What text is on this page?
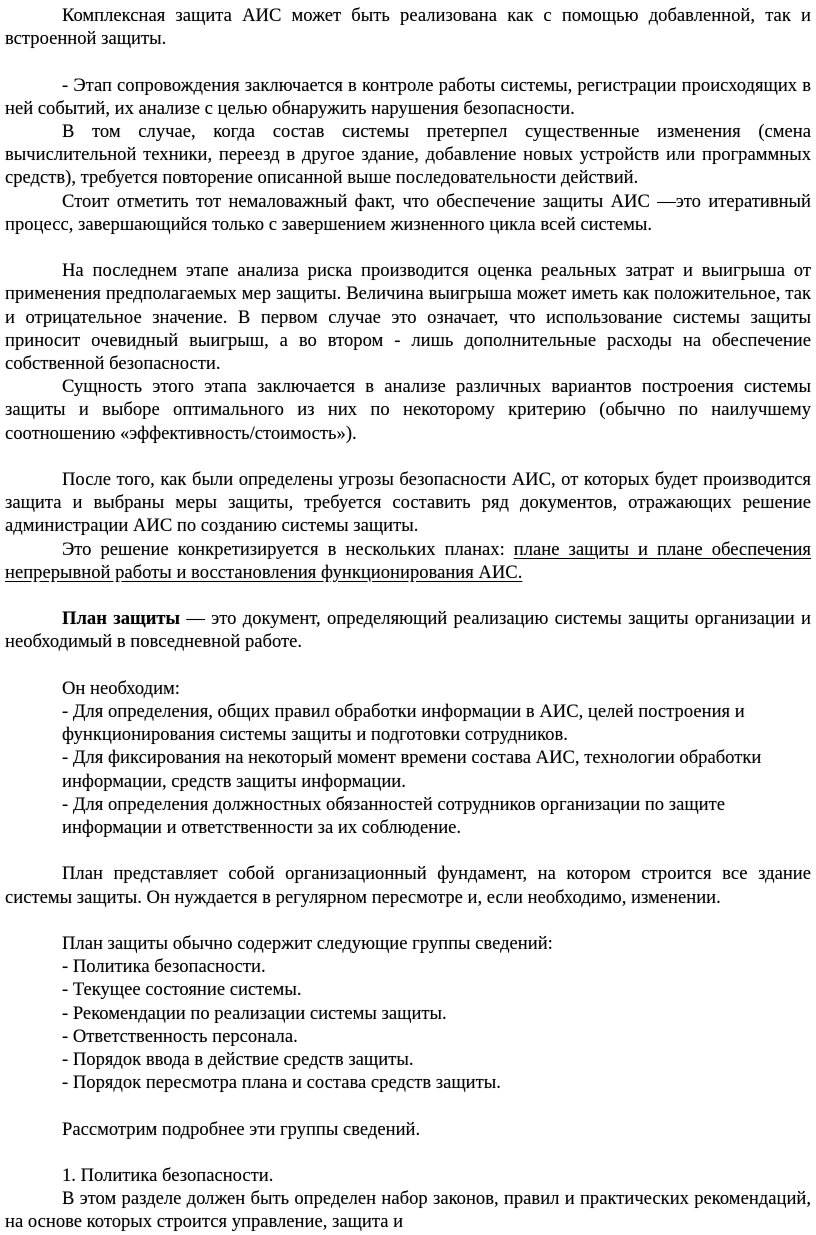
Комплексная защита АИС может быть реализована как с помощью добавленной, так и встроенной защиты.

- Этап сопровождения заключается в контроле работы системы, регистрации происходящих в ней событий, их анализе с целью обнаружить нарушения безопасности.

В том случае, когда состав системы претерпел существенные изменения (смена вычислительной техники, переезд в другое здание, добавление новых устройств или программных средств), требуется повторение описанной выше последовательности действий.

Стоит отметить тот немаловажный факт, что обеспечение защиты АИС —это итеративный процесс, завершающийся только с завершением жизненного цикла всей системы.

На последнем этапе анализа риска производится оценка реальных затрат и выигрыша от применения предполагаемых мер защиты. Величина выигрыша может иметь как положительное, так и отрицательное значение. В первом случае это означает, что использование системы защиты приносит очевидный выигрыш, а во втором - лишь дополнительные расходы на обеспечение собственной безопасности.

Сущность этого этапа заключается в анализе различных вариантов построения системы защиты и выборе оптимального из них по некоторому критерию (обычно по наилучшему соотношению «эффективность/стоимость»).

После того, как были определены угрозы безопасности АИС, от которых будет производится защита и выбраны меры защиты, требуется составить ряд документов, отражающих решение администрации АИС по созданию системы защиты.

Это решение конкретизируется в нескольких планах: плане защиты и плане обеспечения непрерывной работы и восстановления функционирования АИС.

План защиты — это документ, определяющий реализацию системы защиты организации и необходимый в повседневной работе.

Он необходим:

- Для определения, общих правил обработки информации в АИС, целей построения и функционирования системы защиты и подготовки сотрудников.

- Для фиксирования на некоторый момент времени состава АИС, технологии обработки информации, средств защиты информации.

- Для определения должностных обязанностей сотрудников организации по защите информации и ответственности за их соблюдение.

План представляет собой организационный фундамент, на котором строится все здание системы защиты. Он нуждается в регулярном пересмотре и, если необходимо, изменении.

План защиты обычно содержит следующие группы сведений:

- Политика безопасности.

- Текущее состояние системы.

- Рекомендации по реализации системы защиты.

- Ответственность персонала.

- Порядок ввода в действие средств защиты.

- Порядок пересмотра плана и состава средств защиты.

Рассмотрим подробнее эти группы сведений.

1. Политика безопасности.

В этом разделе должен быть определен набор законов, правил и практических рекомендаций, на основе которых строится управление, защита и
